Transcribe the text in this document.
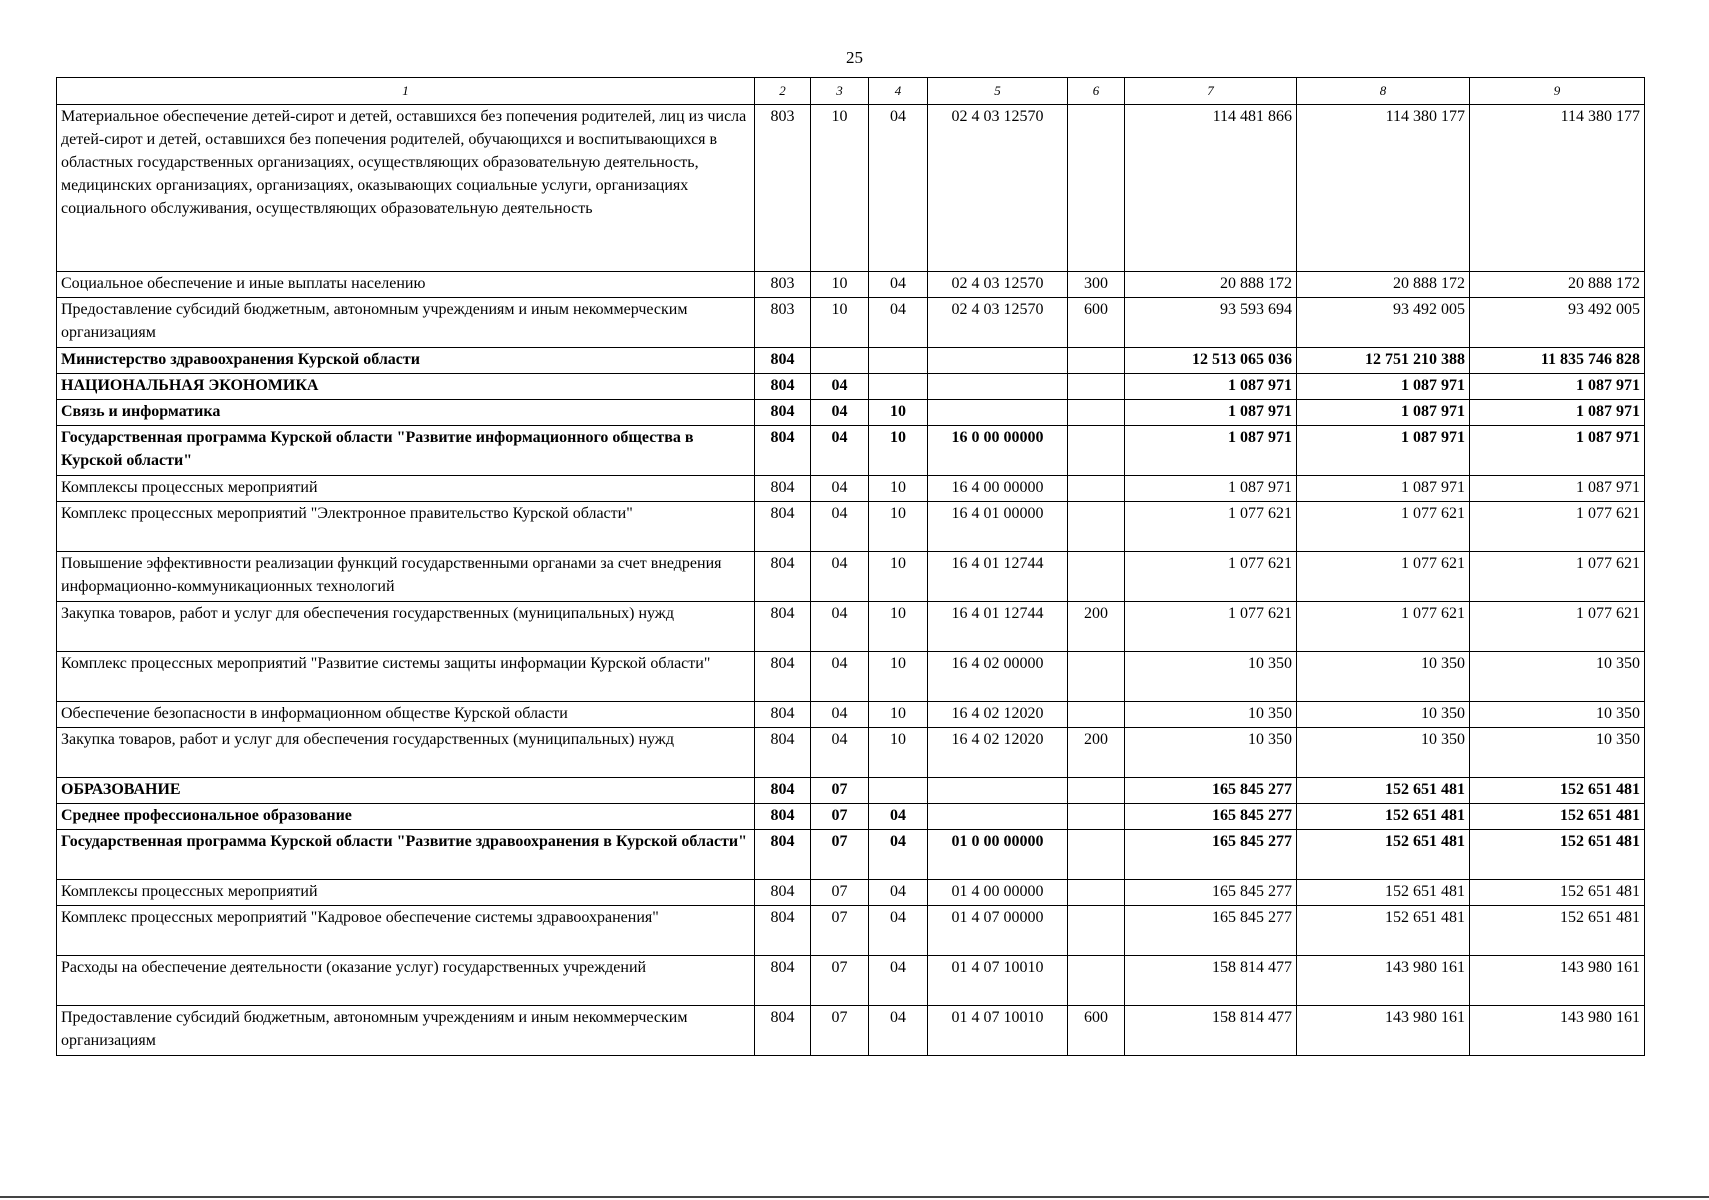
25
1	2	3	4	5	6	7	8	9
Материальное обеспечение детей-сирот и детей, оставшихся без попечения родителей, лиц из числа детей-сирот и детей, оставшихся без попечения родителей, обучающихся и воспитывающихся в областных государственных организациях, осуществляющих образовательную деятельность, медицинских организациях, организациях, оказывающих социальные услуги, организациях социального обслуживания, осуществляющих образовательную деятельность	803	10	04	02 4 03 12570		114 481 866	114 380 177	114 380 177
Социальное обеспечение и иные выплаты населению	803	10	04	02 4 03 12570	300	20 888 172	20 888 172	20 888 172
Предоставление субсидий бюджетным, автономным учреждениям и иным некоммерческим организациям	803	10	04	02 4 03 12570	600	93 593 694	93 492 005	93 492 005
Министерство здравоохранения Курской области	804					12 513 065 036	12 751 210 388	11 835 746 828
НАЦИОНАЛЬНАЯ ЭКОНОМИКА	804	04				1 087 971	1 087 971	1 087 971
Связь и информатика	804	04	10			1 087 971	1 087 971	1 087 971
Государственная программа Курской области "Развитие информационного общества в Курской области"	804	04	10	16 0 00 00000		1 087 971	1 087 971	1 087 971
Комплексы процессных мероприятий	804	04	10	16 4 00 00000		1 087 971	1 087 971	1 087 971
Комплекс процессных мероприятий "Электронное правительство Курской области"	804	04	10	16 4 01 00000		1 077 621	1 077 621	1 077 621
Повышение эффективности реализации функций государственными органами за счет внедрения информационно-коммуникационных технологий	804	04	10	16 4 01 12744		1 077 621	1 077 621	1 077 621
Закупка товаров, работ и услуг для обеспечения государственных (муниципальных) нужд	804	04	10	16 4 01 12744	200	1 077 621	1 077 621	1 077 621
Комплекс процессных мероприятий "Развитие системы защиты информации Курской области"	804	04	10	16 4 02 00000		10 350	10 350	10 350
Обеспечение безопасности в информационном обществе Курской области	804	04	10	16 4 02 12020		10 350	10 350	10 350
Закупка товаров, работ и услуг для обеспечения государственных (муниципальных) нужд	804	04	10	16 4 02 12020	200	10 350	10 350	10 350
ОБРАЗОВАНИЕ	804	07				165 845 277	152 651 481	152 651 481
Среднее профессиональное образование	804	07	04			165 845 277	152 651 481	152 651 481
Государственная программа Курской области "Развитие здравоохранения в Курской области"	804	07	04	01 0 00 00000		165 845 277	152 651 481	152 651 481
Комплексы процессных мероприятий	804	07	04	01 4 00 00000		165 845 277	152 651 481	152 651 481
Комплекс процессных мероприятий "Кадровое обеспечение системы здравоохранения"	804	07	04	01 4 07 00000		165 845 277	152 651 481	152 651 481
Расходы на обеспечение деятельности (оказание услуг) государственных учреждений	804	07	04	01 4 07 10010		158 814 477	143 980 161	143 980 161
Предоставление субсидий бюджетным, автономным учреждениям и иным некоммерческим организациям	804	07	04	01 4 07 10010	600	158 814 477	143 980 161	143 980 161
